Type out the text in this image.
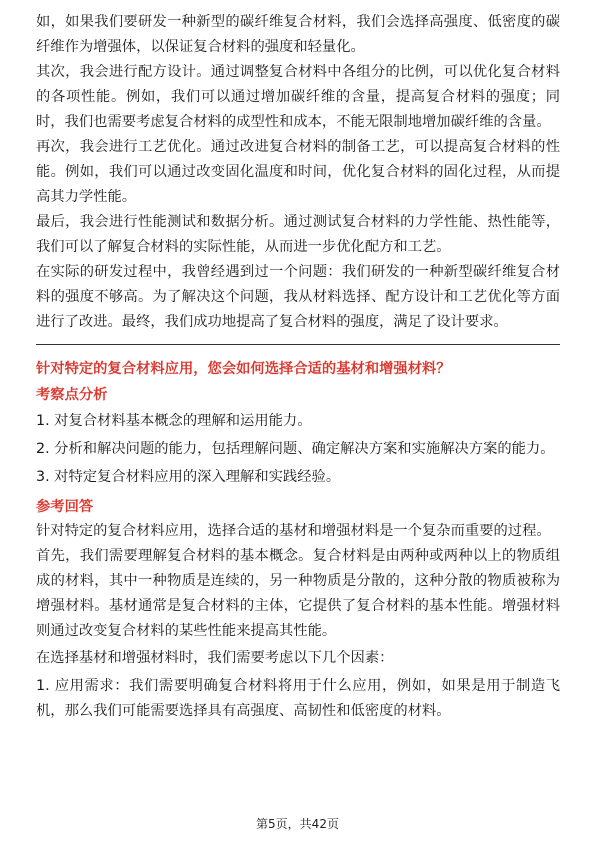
如，如果我们要研发一种新型的碳纤维复合材料，我们会选择高强度、低密度的碳纤维作为增强体，以保证复合材料的强度和轻量化。

其次，我会进行配方设计。通过调整复合材料中各组分的比例，可以优化复合材料的各项性能。例如，我们可以通过增加碳纤维的含量，提高复合材料的强度；同时，我们也需要考虑复合材料的成型性和成本，不能无限制地增加碳纤维的含量。

再次，我会进行工艺优化。通过改进复合材料的制备工艺，可以提高复合材料的性能。例如，我们可以通过改变固化温度和时间，优化复合材料的固化过程，从而提高其力学性能。

最后，我会进行性能测试和数据分析。通过测试复合材料的力学性能、热性能等，我们可以了解复合材料的实际性能，从而进一步优化配方和工艺。

在实际的研发过程中，我曾经遇到过一个问题：我们研发的一种新型碳纤维复合材料的强度不够高。为了解决这个问题，我从材料选择、配方设计和工艺优化等方面进行了改进。最终，我们成功地提高了复合材料的强度，满足了设计要求。

针对特定的复合材料应用，您会如何选择合适的基材和增强材料？

考察点分析

1. 对复合材料基本概念的理解和运用能力。

2. 分析和解决问题的能力，包括理解问题、确定解决方案和实施解决方案的能力。

3. 对特定复合材料应用的深入理解和实践经验。

参考回答

针对特定的复合材料应用，选择合适的基材和增强材料是一个复杂而重要的过程。

首先，我们需要理解复合材料的基本概念。复合材料是由两种或两种以上的物质组成的材料，其中一种物质是连续的，另一种物质是分散的，这种分散的物质被称为增强材料。基材通常是复合材料的主体，它提供了复合材料的基本性能。增强材料则通过改变复合材料的某些性能来提高其性能。

在选择基材和增强材料时，我们需要考虑以下几个因素：

1. 应用需求：我们需要明确复合材料将用于什么应用，例如，如果是用于制造飞机，那么我们可能需要选择具有高强度、高韧性和低密度的材料。

第5页，共42页
